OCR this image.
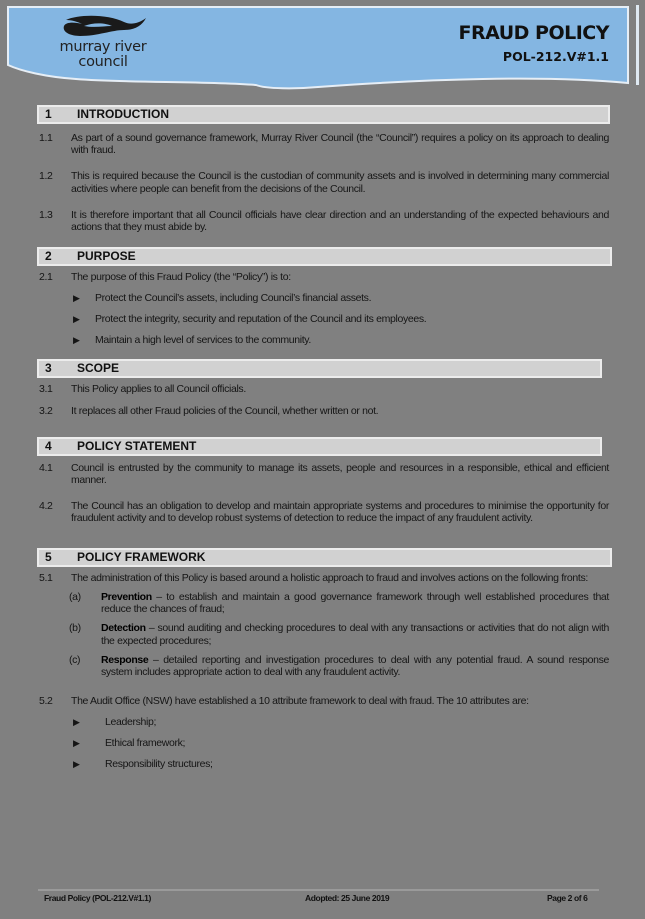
murray river
council
FRAUD POLICY
POL-212.V#1.1
1	INTRODUCTION
1.1	As part of a sound governance framework, Murray River Council (the “Council”) requires a policy on its approach to dealing with fraud.
1.2	This is required because the Council is the custodian of community assets and is involved in determining many commercial activities where people can benefit from the decisions of the Council.
1.3	It is therefore important that all Council officials have clear direction and an understanding of the expected behaviours and actions that they must abide by.
2	PURPOSE
2.1	The purpose of this Fraud Policy (the “Policy”) is to:
▶	Protect the Council’s assets, including Council’s financial assets.
▶	Protect the integrity, security and reputation of the Council and its employees.
▶	Maintain a high level of services to the community.
3	SCOPE
3.1	This Policy applies to all Council officials.
3.2	It replaces all other Fraud policies of the Council, whether written or not.
4	POLICY STATEMENT
4.1	Council is entrusted by the community to manage its assets, people and resources in a responsible, ethical and efficient manner.
4.2	The Council has an obligation to develop and maintain appropriate systems and procedures to minimise the opportunity for fraudulent activity and to develop robust systems of detection to reduce the impact of any fraudulent activity.
5	POLICY FRAMEWORK
5.1	The administration of this Policy is based around a holistic approach to fraud and involves actions on the following fronts:
(a)	Prevention – to establish and maintain a good governance framework through well established procedures that reduce the chances of fraud;
(b)	Detection – sound auditing and checking procedures to deal with any transactions or activities that do not align with the expected procedures;
(c)	Response – detailed reporting and investigation procedures to deal with any potential fraud. A sound response system includes appropriate action to deal with any fraudulent activity.
5.2	The Audit Office (NSW) have established a 10 attribute framework to deal with fraud. The 10 attributes are:
▶	Leadership;
▶	Ethical framework;
▶	Responsibility structures;
Fraud Policy (POL-212.V#1.1)	Adopted: 25 June 2019	Page 2 of 6
